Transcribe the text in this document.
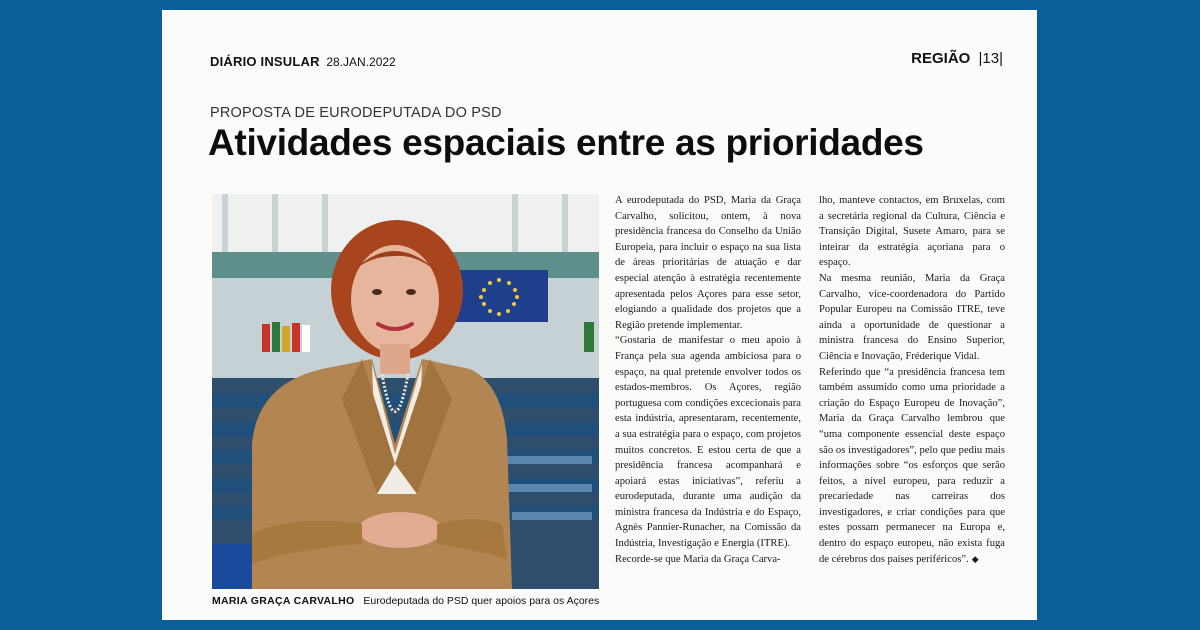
DIÁRIO INSULAR 28.JAN.2022	REGIÃO |13|
PROPOSTA DE EURODEPUTADA DO PSD
Atividades espaciais entre as prioridades
MARIA GRAÇA CARVALHO Eurodeputada do PSD quer apoios para os Açores

A eurodeputada do PSD, Maria da Graça Carvalho, solicitou, ontem, à nova presidência francesa do Conselho da União Europeia, para incluir o espaço na sua lista de áreas prioritárias de atuação e dar especial atenção à estratégia recentemente apresentada pelos Açores para esse setor, elogiando a qualidade dos projetos que a Região pretende implementar.

“Gostaria de manifestar o meu apoio à França pela sua agenda ambiciosa para o espaço, na qual pretende envolver todos os estados-membros. Os Açores, região portuguesa com condições excecionais para esta indústria, apresentaram, recentemente, a sua estratégia para o espaço, com projetos muitos concretos. E estou certa de que a presidência francesa acompanhará e apoiará estas iniciativas”, referiu a eurodeputada, durante uma audição da ministra francesa da Indústria e do Espaço, Agnès Pannier-Runacher, na Comissão da Indústria, Investigação e Energia (ITRE).

Recorde-se que Maria da Graça Carva-

lho, manteve contactos, em Bruxelas, com a secretária regional da Cultura, Ciência e Transição Digital, Susete Amaro, para se inteirar da estratégia açoriana para o espaço.

Na mesma reunião, Maria da Graça Carvalho, vice-coordenadora do Partido Popular Europeu na Comissão ITRE, teve ainda a oportunidade de questionar a ministra francesa do Ensino Superior, Ciência e Inovação, Fréderique Vidal.

Referindo que “a presidência francesa tem também assumido como uma prioridade a criação do Espaço Europeu de Inovação”, Maria da Graça Carvalho lembrou que “uma componente essencial deste espaço são os investigadores”, pelo que pediu mais informações sobre “os esforços que serão feitos, a nível europeu, para reduzir a precariedade nas carreiras dos investigadores, e criar condições para que estes possam permanecer na Europa e, dentro do espaço europeu, não exista fuga de cérebros dos países periféricos”. ◆
